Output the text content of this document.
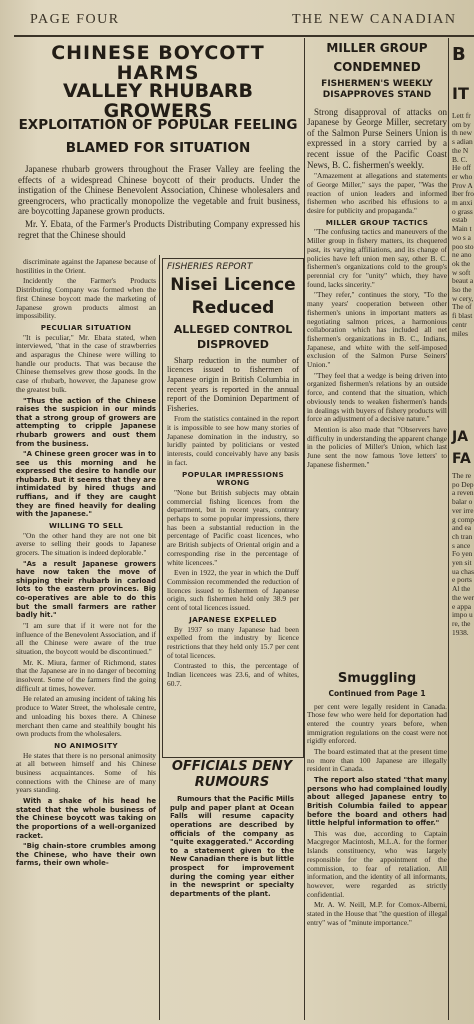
PAGE FOUR	THE NEW CANADIAN
CHINESE BOYCOTT HARMS
VALLEY RHUBARB GROWERS
EXPLOITATION OF POPULAR FEELING
BLAMED FOR SITUATION

Japanese rhubarb growers throughout the Fraser Valley are feeling the effects of a widespread Chinese boycott of their products. Under the instigation of the Chinese Benevolent Association, Chinese wholesalers and greengrocers, who practically monopolize the vegetable and fruit business, are boycotting Japanese grown products.

Mr. Y. Ebata, of the Farmer's Products Distributing Company expressed his regret that the Chinese should

discriminate against the Japanese because of hostilities in the Orient.

Incidently the Farmer's Products Distributing Company was formed when the first Chinese boycott made the marketing of Japanese grown products almost an impossibility.

PECULIAR SITUATION

"It is peculiar," Mr. Ebata stated, when interviewed, "that in the case of strawberries and asparagus the Chinese were willing to handle our products. That was because the Chinese themselves grew those goods. In the case of rhubarb, however, the Japanese grow the greatest bulk.

"Thus the action of the Chinese raises the suspicion in our minds that a strong group of growers are attempting to cripple Japanese rhubarb growers and oust them from the business.

"A Chinese green grocer was in to see us this morning and he expressed the desire to handle our rhubarb. But it seems that they are intimidated by hired thugs and ruffians, and if they are caught they are fined heavily for dealing with the Japanese."

WILLING TO SELL

"On the other hand they are not one bit averse to selling their goods to Japanese grocers. The situation is indeed deplorable."

"As a result Japanese growers have now taken the move of shipping their rhubarb in carload lots to the eastern provinces. Big co-operatives are able to do this but the small farmers are rather badly hit."

"I am sure that if it were not for the influence of the Benevolent Association, and if all the Chinese were aware of the true situation, the boycott would be discontinued."

Mr. K. Miura, farmer of Richmond, states that the Japanese are in no danger of becoming insolvent. Some of the farmers find the going difficult at times, however.

He related an amusing incident of taking his produce to Water Street, the wholesale centre, and unloading his boxes there. A Chinese merchant then came and stealthily bought his own products from the wholesalers.

NO ANIMOSITY

He states that there is no personal animosity at all between himself and his Chinese business acquaintances. Some of his connections with the Chinese are of many years standing.

With a shake of his head he stated that the whole business of the Chinese boycott was taking on the proportions of a well-organized racket.

"Big chain-store crumbles among the Chinese, who have their own farms, their own whole-

FISHERIES REPORT
Nisei Licence
Reduced
ALLEGED CONTROL
DISPROVED

Sharp reduction in the number of licences issued to fishermen of Japanese origin in British Columbia in recent years is reported in the annual report of the Dominion Department of Fisheries.

From the statistics contained in the report it is impossible to see how many stories of Japanese domination in the industry, so luridly painted by politicians or vested interests, could conceivably have any basis in fact.

POPULAR IMPRESSIONS WRONG

"None but British subjects may obtain commercial fishing licences from the department, but in recent years, contrary perhaps to some popular impressions, there has been a substantial reduction in the percentage of Pacific coast licences, who are British subjects of Oriental origin and a corresponding rise in the percentage of white licencees."

Even in 1922, the year in which the Duff Commission recommended the reduction of licences issued to fishermen of Japanese origin, such fishermen held only 38.9 per cent of total licences issued.

JAPANESE EXPELLED

By 1937 so many Japanese had been expelled from the industry by licence restrictions that they held only 15.7 per cent of total licences.

Contrasted to this, the percentage of Indian licencees was 23.6, and of whites, 60.7.

OFFICIALS DENY
RUMOURS

Rumours that the Pacific Mills pulp and paper plant at Ocean Falls will resume capacity operations are described by officials of the company as "quite exaggerated." According to a statement given to the New Canadian there is but little prospect for improvement during the coming year either in the newsprint or specialty departments of the plant.

MILLER GROUP
CONDEMNED
FISHERMEN'S WEEKLY DISAPPROVES STAND

Strong disapproval of attacks on Japanese by George Miller, secretary of the Salmon Purse Seiners Union is expressed in a story carried by a recent issue of the Pacific Coast News, B. C. fishermen's weekly.

"Amazement at allegations and statements of George Miller," says the paper, "Was the reaction of union leaders and informed fishermen who ascribed his effusions to a desire for publicity and propaganda."

MILLER GROUP TACTICS

"The confusing tactics and maneuvers of the Miller group in fishery matters, its chequered past, its varying affiliations, and its change of policies have left union men say, other B. C. fishermen's organizations cold to the group's perennial cry for "unity" which, they have found, lacks sincerity."

"They refer," continues the story, "To the many years' cooperation between other fishermen's unions in important matters as negotiating salmon prices, a harmonious collaboration which has included all net fishermen's organizations in B. C., Indians, Japanese, and white with the self-imposed exclusion of the Salmon Purse Seiners' Union."

"They feel that a wedge is being driven into organized fishermen's relations by an outside force, and contend that the situation, which obviously tends to weaken fishermen's hands in dealings with buyers of fishery products will force an adjustment of a decisive nature."

Mention is also made that "Observers have difficulty in understanding the apparent change in the policies of Miller's Union, which last June sent the now famous 'love letters' to Japanese fishermen."

Smuggling
Continued from Page 1

per cent were legally resident in Canada. Those few who were held for deportation had entered the country years before, when immigration regulations on the coast were not rigidly enforced.

The board estimated that at the present time no more than 100 Japanese are illegally resident in Canada.

The report also stated "that many persons who had complained loudly about alleged Japanese entry to British Columbia failed to appear before the board and others had little helpful information to offer."

This was due, according to Captain Macgregor Macintosh, M.L.A. for the former Islands constituency, who was largely responsible for the appointment of the commission, to fear of retaliation. All information, and the identity of all informants, however, were regarded as strictly confidential.

Mr. A. W. Neill, M.P. for Comox-Alberni, stated in the House that "the question of illegal entry" was of "minute importance."

B
IT
Lett from by th news adian the N B. C. He offer who Prov Alber from anxio grass estab Main two s a poo stone anook the w soft beaut also the w cery, The of fi blast centr miles
JA
FA
The repo Depa reven balar over irreg comp and each trans ance Fo yen yen situa chase ports Al the the were appa impo ure, the 1938.
